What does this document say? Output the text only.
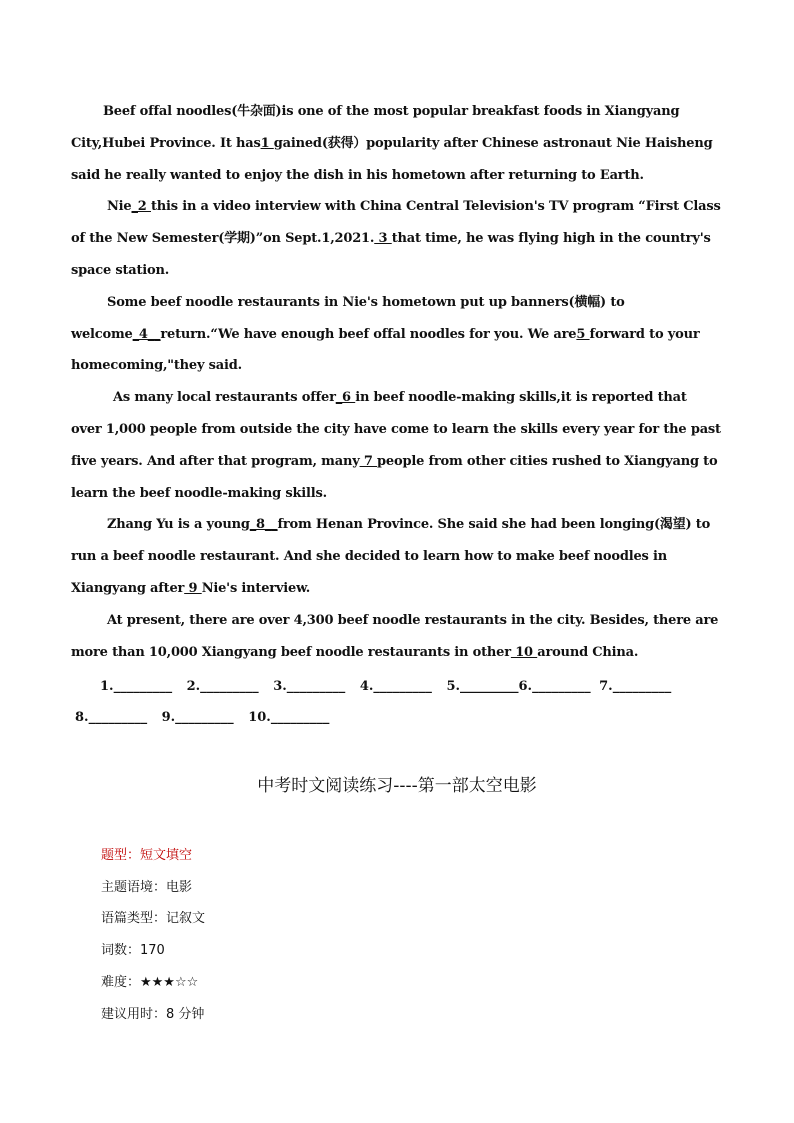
Beef offal noodles(牛杂面)is one of the most popular breakfast foods in Xiangyang City,Hubei Province. It has1 gained(获得）popularity after Chinese astronaut Nie Haisheng said he really wanted to enjoy the dish in his hometown after returning to Earth.

Nie_2 this in a video interview with China Central Television's TV program “First Class of the New Semester(学期)”on Sept.1,2021. 3 that time, he was flying high in the country's space station.

Some beef noodle restaurants in Nie's hometown put up banners(横幅) to welcome_4__return.“We have enough beef offal noodles for you. We are5 forward to your homecoming,"they said.

As many local restaurants offer_6 in beef noodle-making skills,it is reported that over 1,000 people from outside the city have come to learn the skills every year for the past five years. And after that program, many 7 people from other cities rushed to Xiangyang to learn the beef noodle-making skills.

Zhang Yu is a young_8__from Henan Province. She said she had been longing(渴望) to run a beef noodle restaurant. And she decided to learn how to make beef noodles in Xiangyang after 9 Nie's interview.

At present, there are over 4,300 beef noodle restaurants in the city. Besides, there are more than 10,000 Xiangyang beef noodle restaurants in other 10 around China.

1._________ 2._________ 3._________ 4._________ 5._________6._________ 7._________
8._________ 9._________ 10._________
中考时文阅读练习----第一部太空电影
题型：短文填空
主题语境：电影
语篇类型：记叙文
词数：170
难度：★★★☆☆
建议用时：8 分钟
